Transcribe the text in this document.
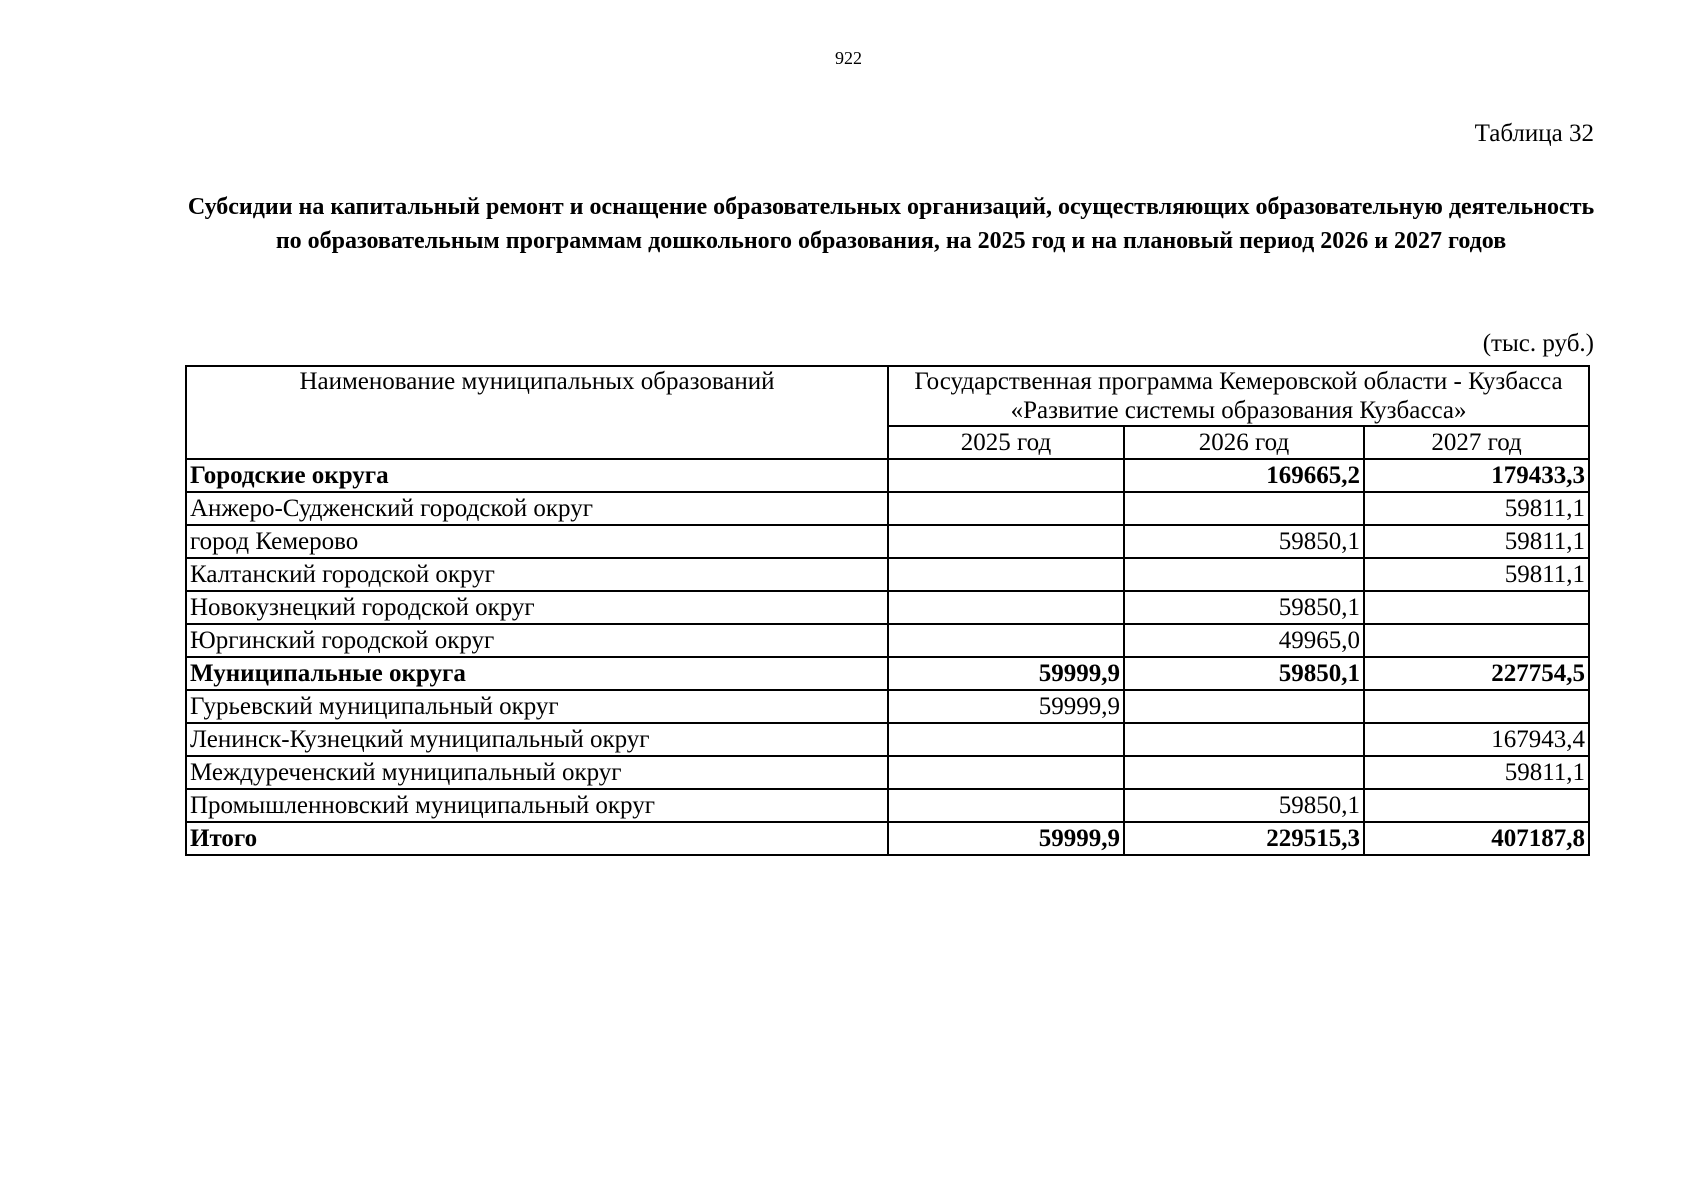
922
Таблица 32
Субсидии на капитальный ремонт и оснащение образовательных организаций, осуществляющих образовательную деятельность по образовательным программам дошкольного образования, на 2025 год и на плановый период 2026 и 2027 годов
(тыс. руб.)
Наименование муниципальных образований	Государственная программа Кемеровской области - Кузбасса
«Развитие системы образования Кузбасса»		
	2025 год	2026 год	2027 год
Городские округа		169665,2	179433,3
Анжеро-Судженский городской округ			59811,1
город Кемерово		59850,1	59811,1
Калтанский городской округ			59811,1
Новокузнецкий городской округ		59850,1	
Юргинский городской округ		49965,0	
Муниципальные округа	59999,9	59850,1	227754,5
Гурьевский муниципальный округ	59999,9		
Ленинск-Кузнецкий муниципальный округ			167943,4
Междуреченский муниципальный округ			59811,1
Промышленновский муниципальный округ		59850,1	
Итого	59999,9	229515,3	407187,8
